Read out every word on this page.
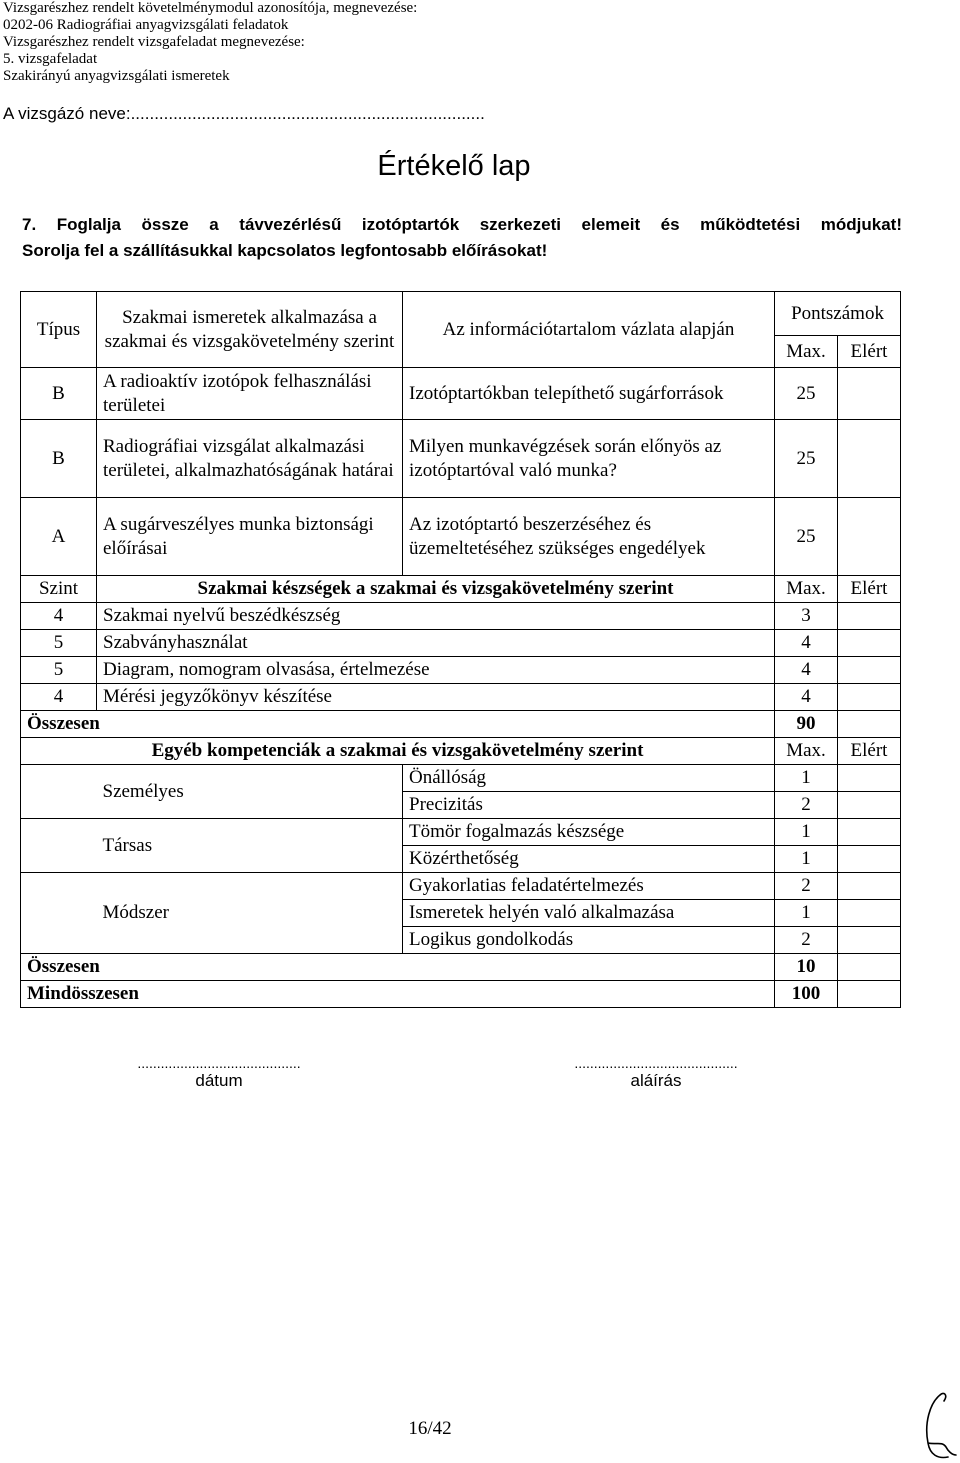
Vizsgarészhez rendelt követelménymodul azonosítója, megnevezése:
0202-06 Radiográfiai anyagvizsgálati feladatok
Vizsgarészhez rendelt vizsgafeladat megnevezése:
5. vizsgafeladat
Szakirányú anyagvizsgálati ismeretek
A vizsgázó neve:...........................................................................
Értékelő lap
7. Foglalja össze a távvezérlésű izotóptartók szerkezeti elemeit és működtetési módjukat!
Sorolja fel a szállításukkal kapcsolatos legfontosabb előírásokat!
Típus	Szakmai ismeretek alkalmazása a szakmai és vizsgakövetelmény szerint	Az információtartalom vázlata alapján	Pontszámok	
			Max.	Elért
B	A radioaktív izotópok felhasználási területei	Izotóptartókban telepíthető sugárforrások	25	
B	Radiográfiai vizsgálat alkalmazási területei, alkalmazhatóságának határai	Milyen munkavégzések során előnyös az izotóptartóval való munka?	25	
A	A sugárveszélyes munka biztonsági előírásai	Az izotóptartó beszerzéséhez és üzemeltetéséhez szükséges engedélyek	25	
Szint	Szakmai készségek a szakmai és vizsgakövetelmény szerint		Max.	Elért
4	Szakmai nyelvű beszédkészség		3	
5	Szabványhasználat		4	
5	Diagram, nomogram olvasása, értelmezése		4	
4	Mérési jegyzőkönyv készítése		4	
Összesen			90	
Egyéb kompetenciák a szakmai és vizsgakövetelmény szerint			Max.	Elért
	Személyes	Önállóság	1	
		Precizitás	2	
	Társas	Tömör fogalmazás készsége	1	
		Közérthetőség	1	
	Módszer	Gyakorlatias feladatértelmezés	2	
		Ismeretek helyén való alkalmazása	1	
		Logikus gondolkodás	2	
Összesen			10	
Mindösszesen			100	
..........................................
dátum
..........................................
aláírás
16/42
